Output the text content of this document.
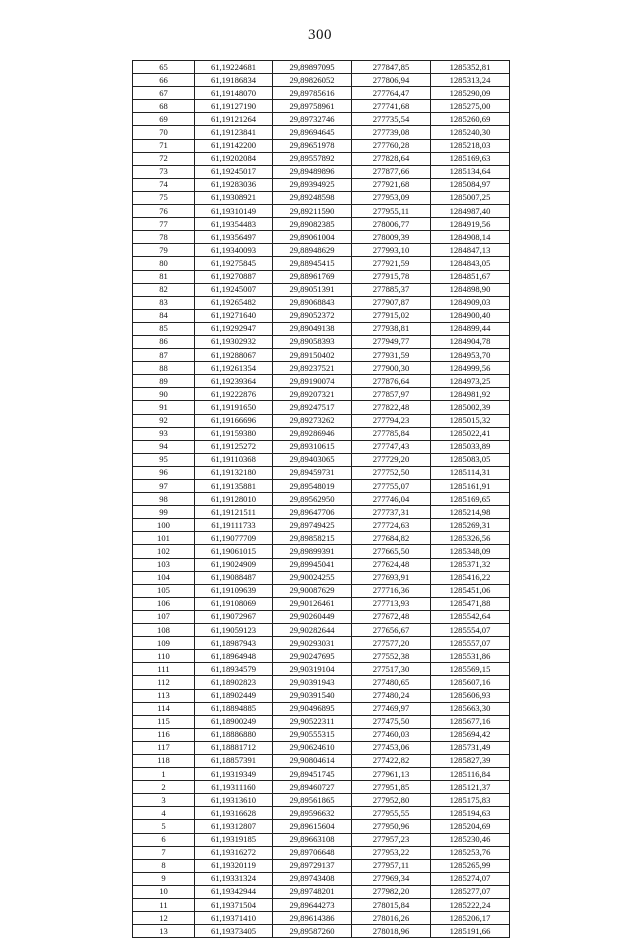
300
65	61,19224681	29,89897095	277847,85	1285352,81
66	61,19186834	29,89826052	277806,94	1285313,24
67	61,19148070	29,89785616	277764,47	1285290,09
68	61,19127190	29,89758961	277741,68	1285275,00
69	61,19121264	29,89732746	277735,54	1285260,69
70	61,19123841	29,89694645	277739,08	1285240,30
71	61,19142200	29,89651978	277760,28	1285218,03
72	61,19202084	29,89557892	277828,64	1285169,63
73	61,19245017	29,89489896	277877,66	1285134,64
74	61,19283036	29,89394925	277921,68	1285084,97
75	61,19308921	29,89248598	277953,09	1285007,25
76	61,19310149	29,89211590	277955,11	1284987,40
77	61,19354483	29,89082385	278006,77	1284919,56
78	61,19356497	29,89061004	278009,39	1284908,14
79	61,19340093	29,88948629	277993,10	1284847,13
80	61,19275845	29,88945415	277921,59	1284843,05
81	61,19270887	29,88961769	277915,78	1284851,67
82	61,19245007	29,89051391	277885,37	1284898,90
83	61,19265482	29,89068843	277907,87	1284909,03
84	61,19271640	29,89052372	277915,02	1284900,40
85	61,19292947	29,89049138	277938,81	1284899,44
86	61,19302932	29,89058393	277949,77	1284904,78
87	61,19288067	29,89150402	277931,59	1284953,70
88	61,19261354	29,89237521	277900,30	1284999,56
89	61,19239364	29,89190074	277876,64	1284973,25
90	61,19222876	29,89207321	277857,97	1284981,92
91	61,19191650	29,89247517	277822,48	1285002,39
92	61,19166696	29,89273262	277794,23	1285015,32
93	61,19159380	29,89286946	277785,84	1285022,41
94	61,19125272	29,89310615	277747,43	1285033,89
95	61,19110368	29,89403065	277729,20	1285083,05
96	61,19132180	29,89459731	277752,50	1285114,31
97	61,19135881	29,89548019	277755,07	1285161,91
98	61,19128010	29,89562950	277746,04	1285169,65
99	61,19121511	29,89647706	277737,31	1285214,98
100	61,19111733	29,89749425	277724,63	1285269,31
101	61,19077709	29,89858215	277684,82	1285326,56
102	61,19061015	29,89899391	277665,50	1285348,09
103	61,19024909	29,89945041	277624,48	1285371,32
104	61,19088487	29,90024255	277693,91	1285416,22
105	61,19109639	29,90087629	277716,36	1285451,06
106	61,19108069	29,90126461	277713,93	1285471,88
107	61,19072967	29,90260449	277672,48	1285542,64
108	61,19059123	29,90282644	277656,67	1285554,07
109	61,18987943	29,90293031	277577,20	1285557,07
110	61,18964948	29,90247695	277552,38	1285531,86
111	61,18934579	29,90319104	277517,30	1285569,15
112	61,18902823	29,90391943	277480,65	1285607,16
113	61,18902449	29,90391540	277480,24	1285606,93
114	61,18894885	29,90496895	277469,97	1285663,30
115	61,18900249	29,90522311	277475,50	1285677,16
116	61,18886880	29,90555315	277460,03	1285694,42
117	61,18881712	29,90624610	277453,06	1285731,49
118	61,18857391	29,90804614	277422,82	1285827,39
1	61,19319349	29,89451745	277961,13	1285116,84
2	61,19311160	29,89460727	277951,85	1285121,37
3	61,19313610	29,89561865	277952,80	1285175,83
4	61,19316628	29,89596632	277955,55	1285194,63
5	61,19312807	29,89615604	277950,96	1285204,69
6	61,19319185	29,89663108	277957,23	1285230,46
7	61,19316272	29,89706648	277953,22	1285253,76
8	61,19320119	29,89729137	277957,11	1285265,99
9	61,19331324	29,89743408	277969,34	1285274,07
10	61,19342944	29,89748201	277982,20	1285277,07
11	61,19371504	29,89644273	278015,84	1285222,24
12	61,19371410	29,89614386	278016,26	1285206,17
13	61,19373405	29,89587260	278018,96	1285191,66
